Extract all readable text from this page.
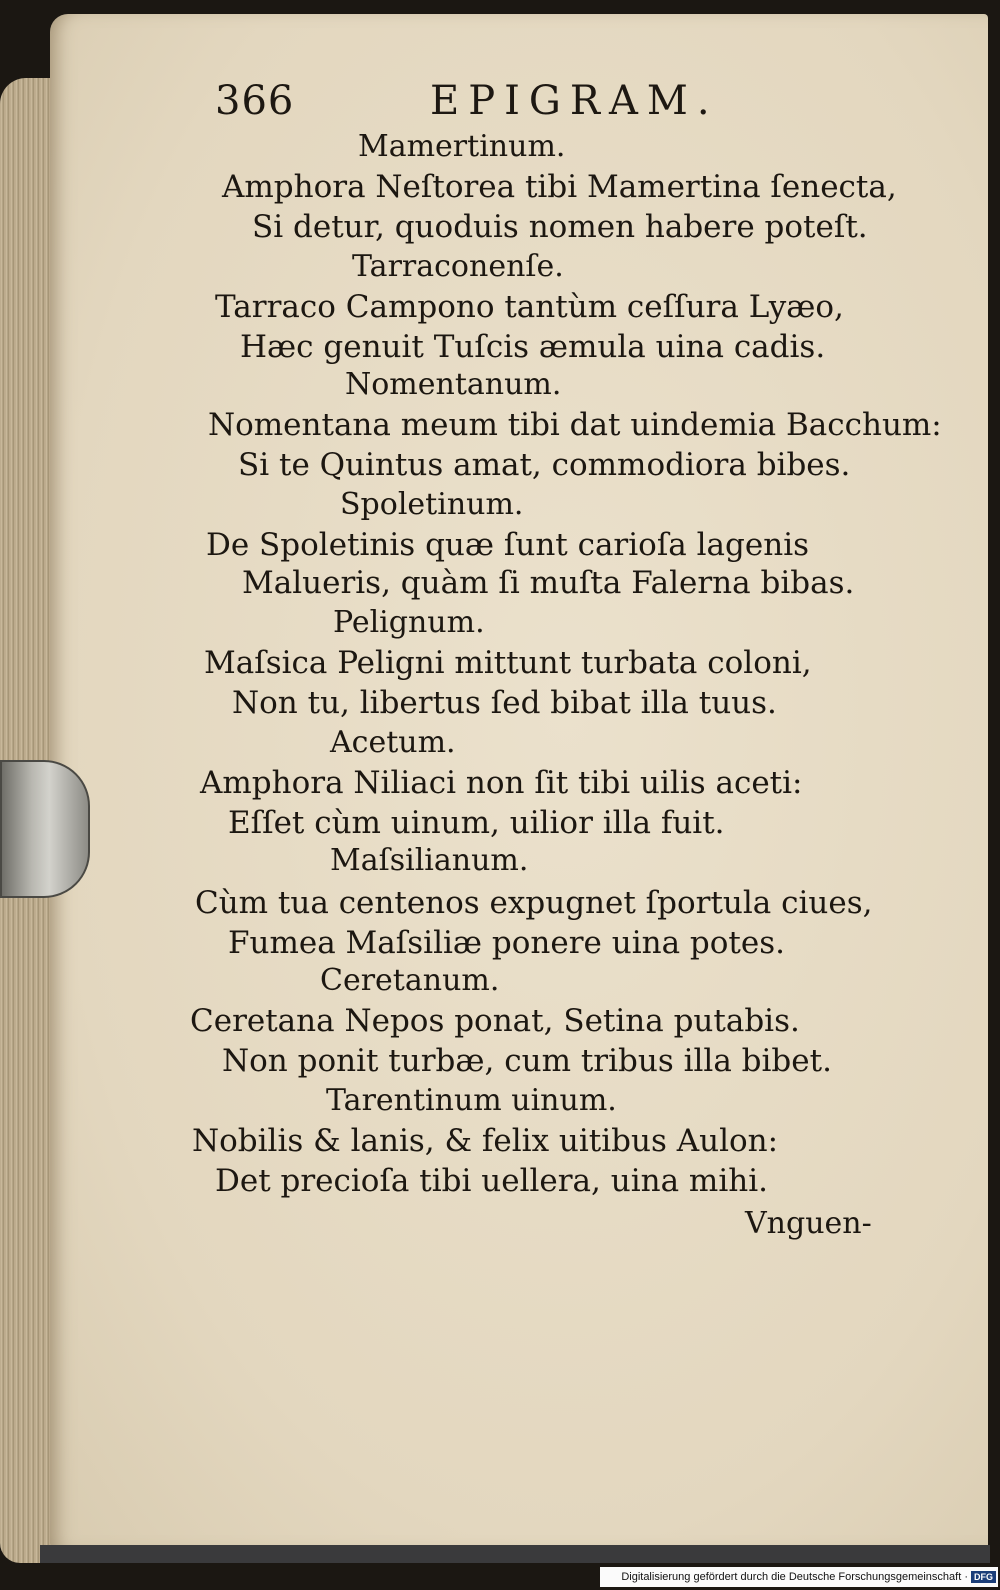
366	EPIGRAM.
Mamertinum.
Amphora Neſtorea tibi Mamertina ſenecta,
Si detur, quoduis nomen habere poteſt.
Tarraconenſe.
Tarraco Campono tantùm ceſſura Lyæo,
Hæc genuit Tuſcis æmula uina cadis.
Nomentanum.
Nomentana meum tibi dat uindemia Bacchum:
Si te Quintus amat, commodiora bibes.
Spoletinum.
De Spoletinis quæ ſunt carioſa lagenis
Malueris, quàm ſi muſta Falerna bibas.
Pelignum.
Maſsica Peligni mittunt turbata coloni,
Non tu, libertus ſed bibat illa tuus.
Acetum.
Amphora Niliaci non ſit tibi uilis aceti:
Eſſet cùm uinum, uilior illa fuit.
Maſsilianum.
Cùm tua centenos expugnet ſportula ciues,
Fumea Maſsiliæ ponere uina potes.
Ceretanum.
Ceretana Nepos ponat, Setina putabis.
Non ponit turbæ, cum tribus illa bibet.
Tarentinum uinum.
Nobilis & lanis, & felix uitibus Aulon:
Det precioſa tibi uellera, uina mihi.
Vnguen-
Digitalisierung gefördert durch die Deutsche Forschungsgemeinschaft · DFG
